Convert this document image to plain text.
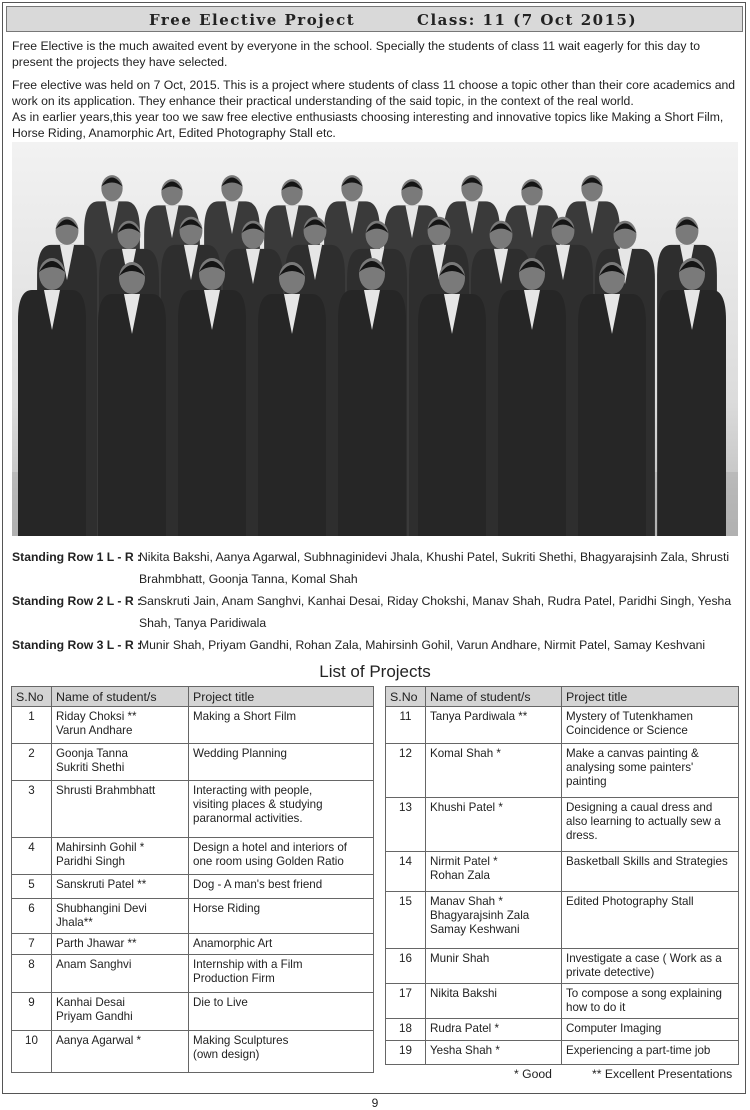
Free Elective Project	Class: 11 (7 Oct 2015)

Free Elective is the much awaited event by everyone in the school. Specially the students of class 11 wait eagerly for this day to present the projects they have selected.

Free elective was held on 7 Oct, 2015. This is a project where students of class 11 choose a topic other than their core academics and work on its application. They enhance their practical understanding of the said topic, in the context of the real world.

As in earlier years,this year too we saw free elective enthusiasts choosing interesting and innovative topics like Making a Short Film, Horse Riding, Anamorphic Art, Edited Photography Stall etc.

Standing Row 1 L - R :
Nikita Bakshi, Aanya Agarwal, Subhnaginidevi Jhala, Khushi Patel, Sukriti Shethi, Bhagyarajsinh Zala, Shrusti Brahmbhatt, Goonja Tanna, Komal Shah
Standing Row 2 L - R :
Sanskruti Jain, Anam Sanghvi, Kanhai Desai, Riday Chokshi, Manav Shah, Rudra Patel, Paridhi Singh, Yesha Shah, Tanya Paridiwala
Standing Row 3 L - R :
Munir Shah, Priyam Gandhi, Rohan Zala, Mahirsinh Gohil, Varun Andhare, Nirmit Patel, Samay Keshvani
List of Projects
S.No	Name of student/s	Project title
1	Riday Choksi **
Varun Andhare	Making a Short Film

2	Goonja Tanna
Sukriti Shethi	Wedding Planning

3	Shrusti Brahmbhatt	Interacting with people,
visiting places & studying
paranormal activities.

4	Mahirsinh Gohil *
Paridhi Singh	Design a hotel and interiors of
one room using Golden Ratio

5	Sanskruti Patel **	Dog - A man's best friend

6	Shubhangini Devi Jhala**	Horse Riding

7	Parth Jhawar **	Anamorphic Art

8	Anam Sanghvi	Internship with a Film
Production Firm

9	Kanhai Desai
Priyam Gandhi	Die to Live

10	Aanya Agarwal *	Making Sculptures
(own design)
S.No	Name of student/s	Project title
11	Tanya Pardiwala **	Mystery of Tutenkhamen
Coincidence or Science

12	Komal Shah *	Make a canvas painting &
analysing some painters'
painting

13	Khushi Patel *	Designing a caual dress and
also learning to actually sew a
dress.

14	Nirmit Patel *
Rohan Zala	Basketball Skills and Strategies

15	Manav Shah *
Bhagyarajsinh Zala
Samay Keshwani	Edited Photography Stall

16	Munir Shah	Investigate a case ( Work as a
private detective)

17	Nikita Bakshi	To compose a song explaining
how to do it

18	Rudra Patel *	Computer Imaging

19	Yesha Shah *	Experiencing a part-time job
* Good	** Excellent Presentations
9
